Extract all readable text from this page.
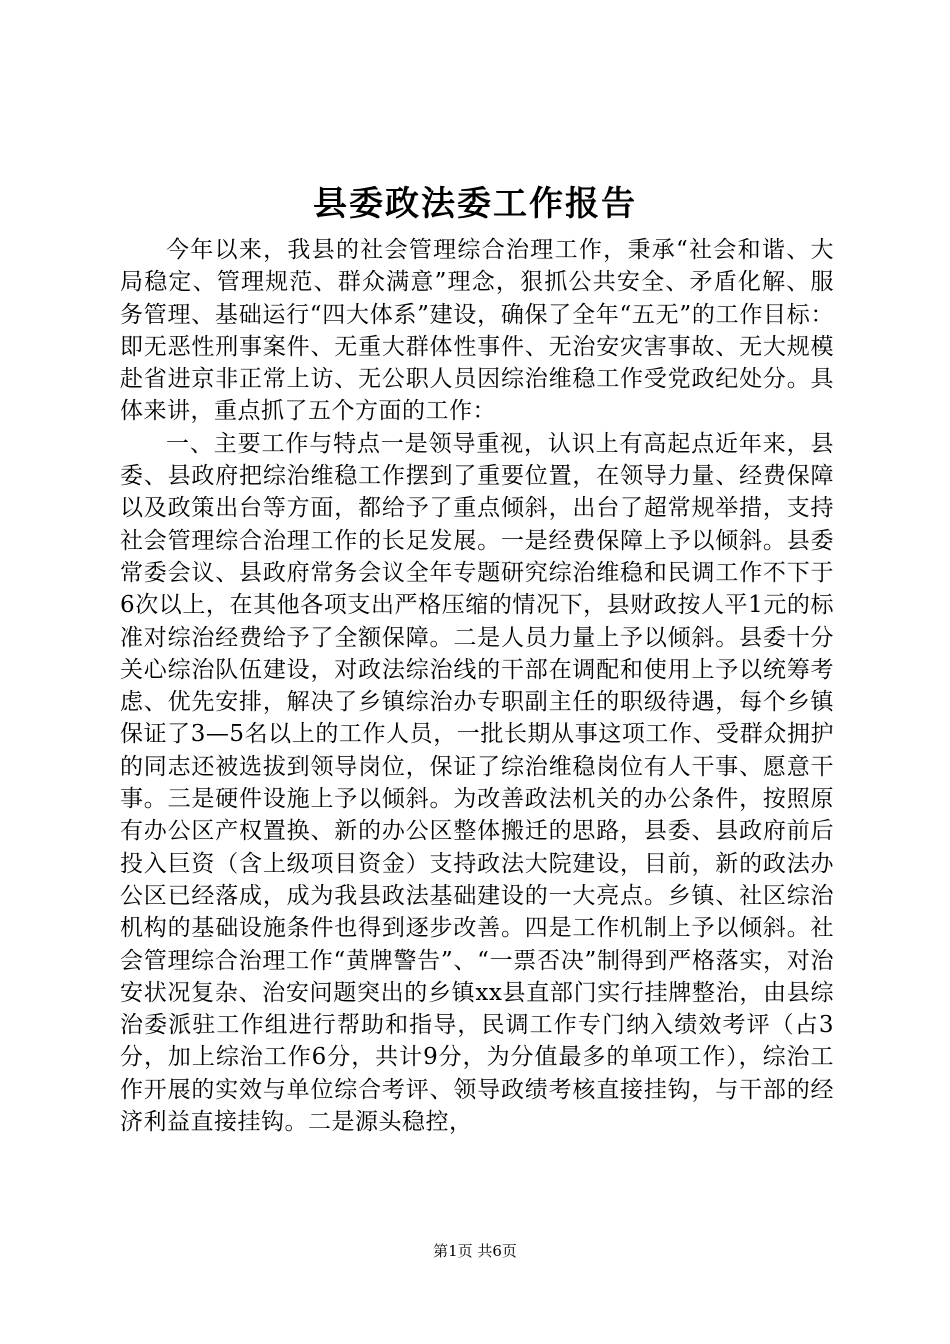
县委政法委工作报告

今年以来，我县的社会管理综合治理工作，秉承“社会和谐、大局稳定、管理规范、群众满意”理念，狠抓公共安全、矛盾化解、服务管理、基础运行“四大体系”建设，确保了全年“五无”的工作目标：即无恶性刑事案件、无重大群体性事件、无治安灾害事故、无大规模赴省进京非正常上访、无公职人员因综治维稳工作受党政纪处分。具体来讲，重点抓了五个方面的工作：

一、主要工作与特点一是领导重视，认识上有高起点近年来，县委、县政府把综治维稳工作摆到了重要位置，在领导力量、经费保障以及政策出台等方面，都给予了重点倾斜，出台了超常规举措，支持社会管理综合治理工作的长足发展。一是经费保障上予以倾斜。县委常委会议、县政府常务会议全年专题研究综治维稳和民调工作不下于6次以上，在其他各项支出严格压缩的情况下，县财政按人平1元的标准对综治经费给予了全额保障。二是人员力量上予以倾斜。县委十分关心综治队伍建设，对政法综治线的干部在调配和使用上予以统筹考虑、优先安排，解决了乡镇综治办专职副主任的职级待遇，每个乡镇保证了3—5名以上的工作人员，一批长期从事这项工作、受群众拥护的同志还被选拔到领导岗位，保证了综治维稳岗位有人干事、愿意干事。三是硬件设施上予以倾斜。为改善政法机关的办公条件，按照原有办公区产权置换、新的办公区整体搬迁的思路，县委、县政府前后投入巨资（含上级项目资金）支持政法大院建设，目前，新的政法办公区已经落成，成为我县政法基础建设的一大亮点。乡镇、社区综治机构的基础设施条件也得到逐步改善。四是工作机制上予以倾斜。社会管理综合治理工作“黄牌警告”、“一票否决”制得到严格落实，对治安状况复杂、治安问题突出的乡镇xx县直部门实行挂牌整治，由县综治委派驻工作组进行帮助和指导，民调工作专门纳入绩效考评（占3分，加上综治工作6分，共计9分，为分值最多的单项工作），综治工作开展的实效与单位综合考评、领导政绩考核直接挂钩，与干部的经济利益直接挂钩。二是源头稳控，

第1页 共6页
